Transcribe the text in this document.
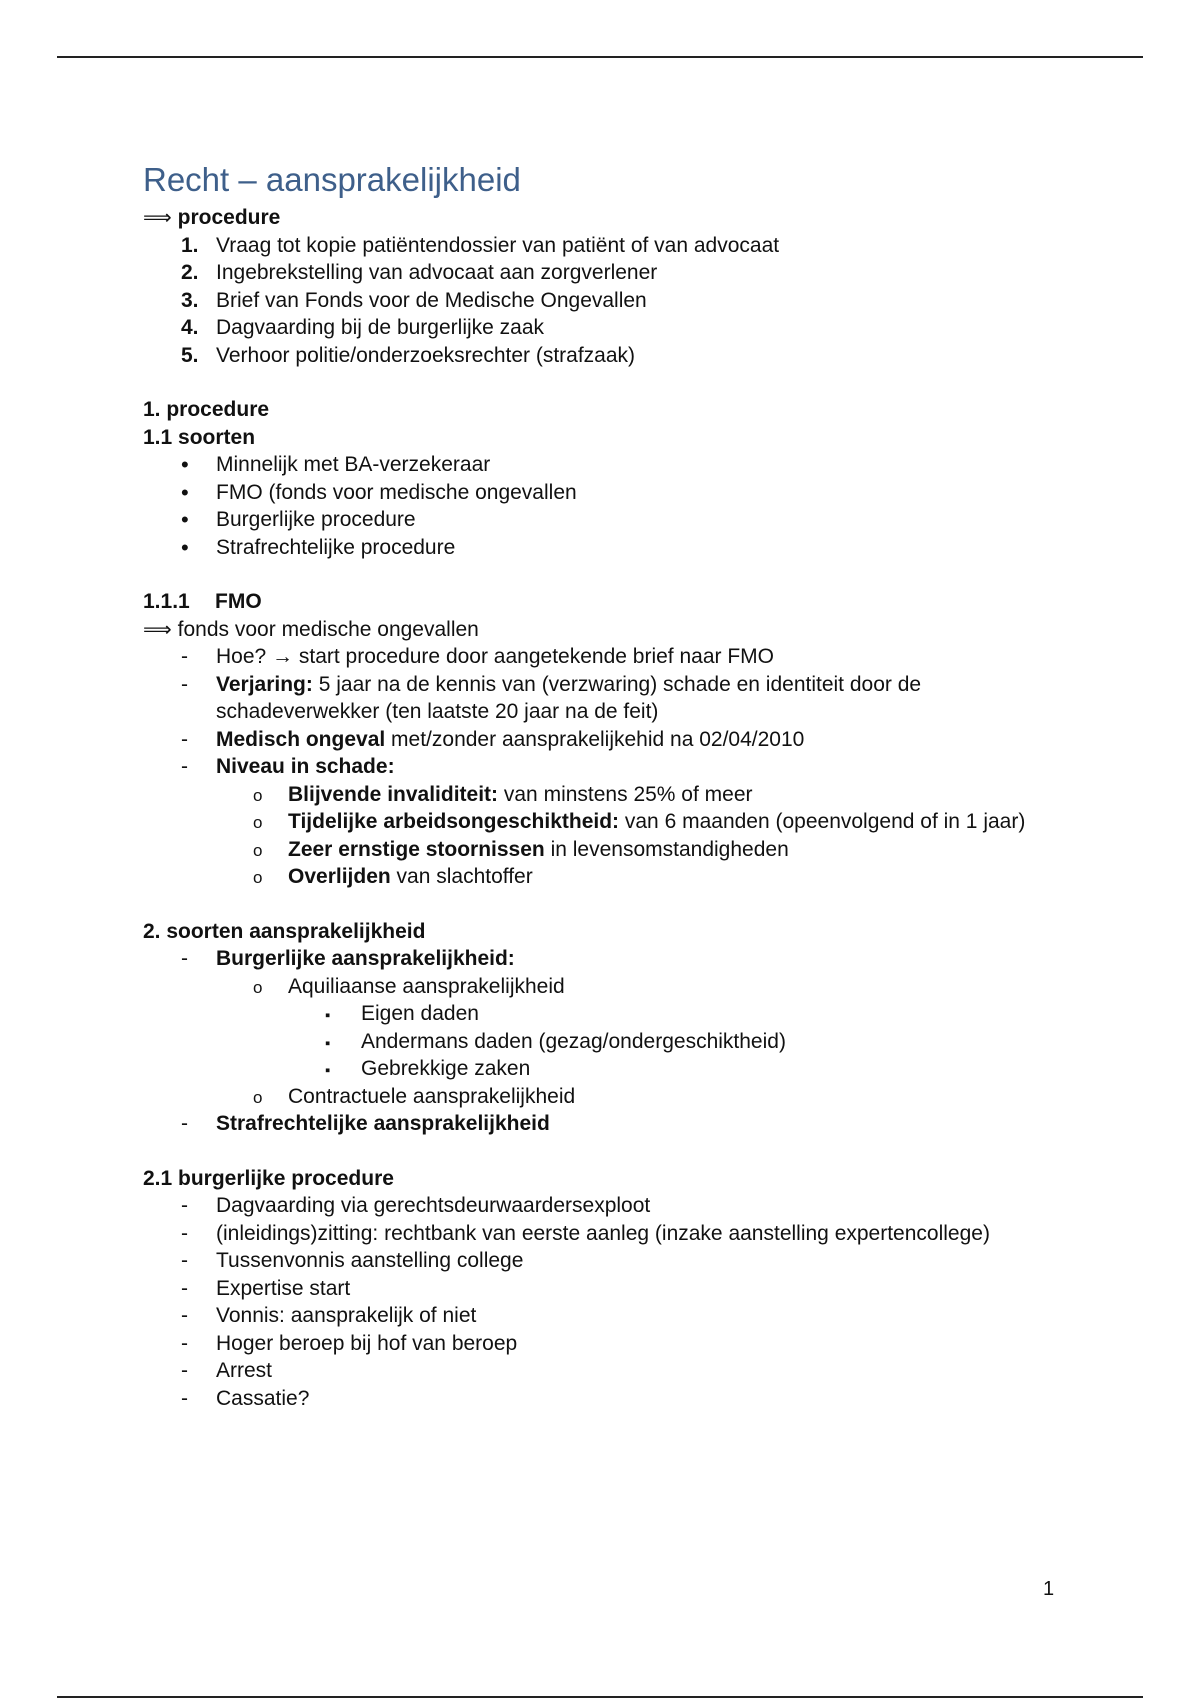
Recht – aansprakelijkheid
⟹ procedure
1. Vraag tot kopie patiëntendossier van patiënt of van advocaat
2. Ingebrekstelling van advocaat aan zorgverlener
3. Brief van Fonds voor de Medische Ongevallen
4. Dagvaarding bij de burgerlijke zaak
5. Verhoor politie/onderzoeksrechter (strafzaak)
1. procedure
1.1 soorten
•
Minnelijk met BA-verzekeraar
•
FMO (fonds voor medische ongevallen
•
Burgerlijke procedure
•
Strafrechtelijke procedure
1.1.1 FMO
⟹ fonds voor medische ongevallen
-
Hoe? → start procedure door aangetekende brief naar FMO
-
Verjaring: 5 jaar na de kennis van (verzwaring) schade en identiteit door de schadeverwekker (ten laatste 20 jaar na de feit)
-
Medisch ongeval met/zonder aansprakelijkehid na 02/04/2010
-
Niveau in schade:
o
Blijvende invaliditeit: van minstens 25% of meer
o
Tijdelijke arbeidsongeschiktheid: van 6 maanden (opeenvolgend of in 1 jaar)
o
Zeer ernstige stoornissen in levensomstandigheden
o
Overlijden van slachtoffer
2. soorten aansprakelijkheid
-
Burgerlijke aansprakelijkheid:
o
Aquiliaanse aansprakelijkheid
▪
Eigen daden
▪
Andermans daden (gezag/ondergeschiktheid)
▪
Gebrekkige zaken
o
Contractuele aansprakelijkheid
-
Strafrechtelijke aansprakelijkheid
2.1 burgerlijke procedure
-
Dagvaarding via gerechtsdeurwaardersexploot
-
(inleidings)zitting: rechtbank van eerste aanleg (inzake aanstelling expertencollege)
-
Tussenvonnis aanstelling college
-
Expertise start
-
Vonnis: aansprakelijk of niet
-
Hoger beroep bij hof van beroep
-
Arrest
-
Cassatie?
1
